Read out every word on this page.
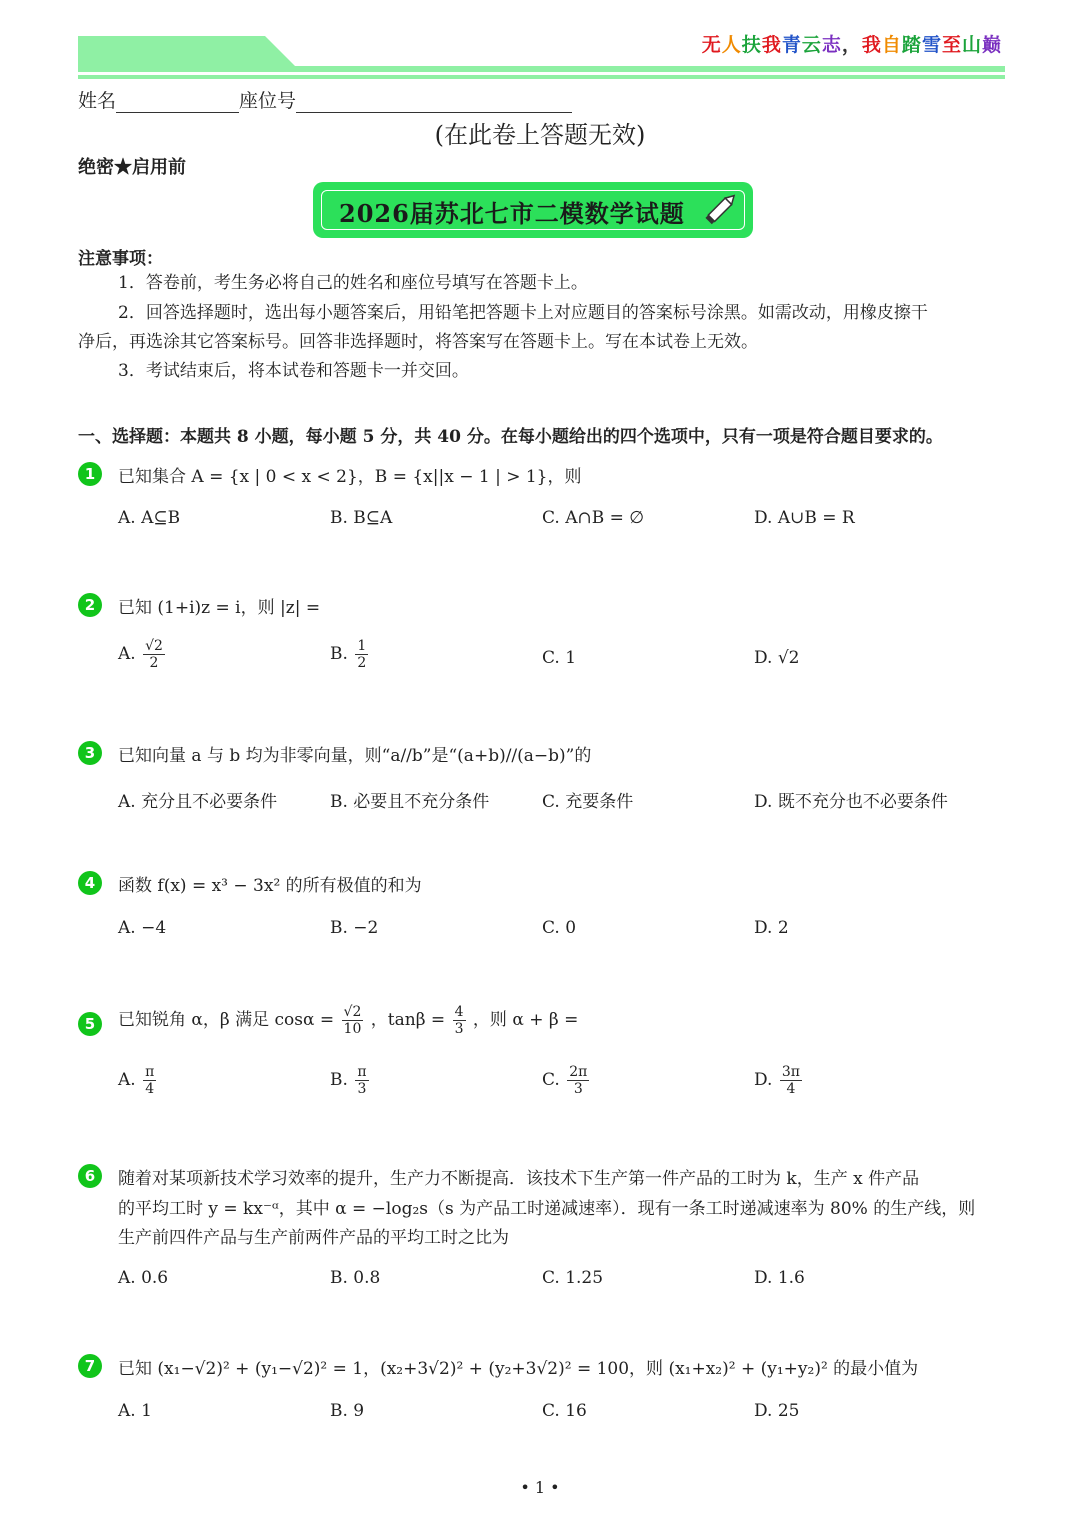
无人扶我青云志，我自踏雪至山巅
姓名	座位号
(在此卷上答题无效)
绝密★启用前
2026届苏北七市二模数学试题
注意事项：
1．答卷前，考生务必将自己的姓名和座位号填写在答题卡上。
2．回答选择题时，选出每小题答案后，用铅笔把答题卡上对应题目的答案标号涂黑。如需改动，用橡皮擦干
净后，再选涂其它答案标号。回答非选择题时，将答案写在答题卡上。写在本试卷上无效。
3．考试结束后，将本试卷和答题卡一并交回。
一、选择题：本题共 8 小题，每小题 5 分，共 40 分。在每小题给出的四个选项中，只有一项是符合题目要求的。
1	已知集合 A = {x | 0 < x < 2}，B = {x||x − 1 | > 1}，则
A. A⊆B	B. B⊆A	C. A∩B = ∅	D. A∪B = R
2	已知 (1+i)z = i，则 |z| =
A. $\frac{√2}{2}$	B. $\frac{1}{2}$	C. 1	D. √2
3	已知向量 a 与 b 均为非零向量，则“a//b”是“(a+b)//(a−b)”的
A. 充分且不必要条件	B. 必要且不充分条件	C. 充要条件	D. 既不充分也不必要条件
4	函数 f(x) = x³ − 3x² 的所有极值的和为
A. −4	B. −2	C. 0	D. 2
5	已知锐角 α，β 满足 $\cos\alpha = \frac{√2}{10}$ ，$\tan\beta = \frac{4}{3}$ ，则 α + β =
A. $\frac{\pi}{4}$	B. $\frac{\pi}{3}$	C. $\frac{2\pi}{3}$	D. $\frac{3\pi}{4}$
6	随着对某项新技术学习效率的提升，生产力不断提高．该技术下生产第一件产品的工时为 k，生产 x 件产品
的平均工时 y = kx⁻ᵅ，其中 α = −log₂s（s 为产品工时递减速率）．现有一条工时递减速率为 80% 的生产线，则
生产前四件产品与生产前两件产品的平均工时之比为
A. 0.6	B. 0.8	C. 1.25	D. 1.6
7	已知 (x₁−√2)² + (y₁−√2)² = 1，(x₂+3√2)² + (y₂+3√2)² = 100，则 (x₁+x₂)² + (y₁+y₂)² 的最小值为
A. 1	B. 9	C. 16	D. 25
• 1 •
